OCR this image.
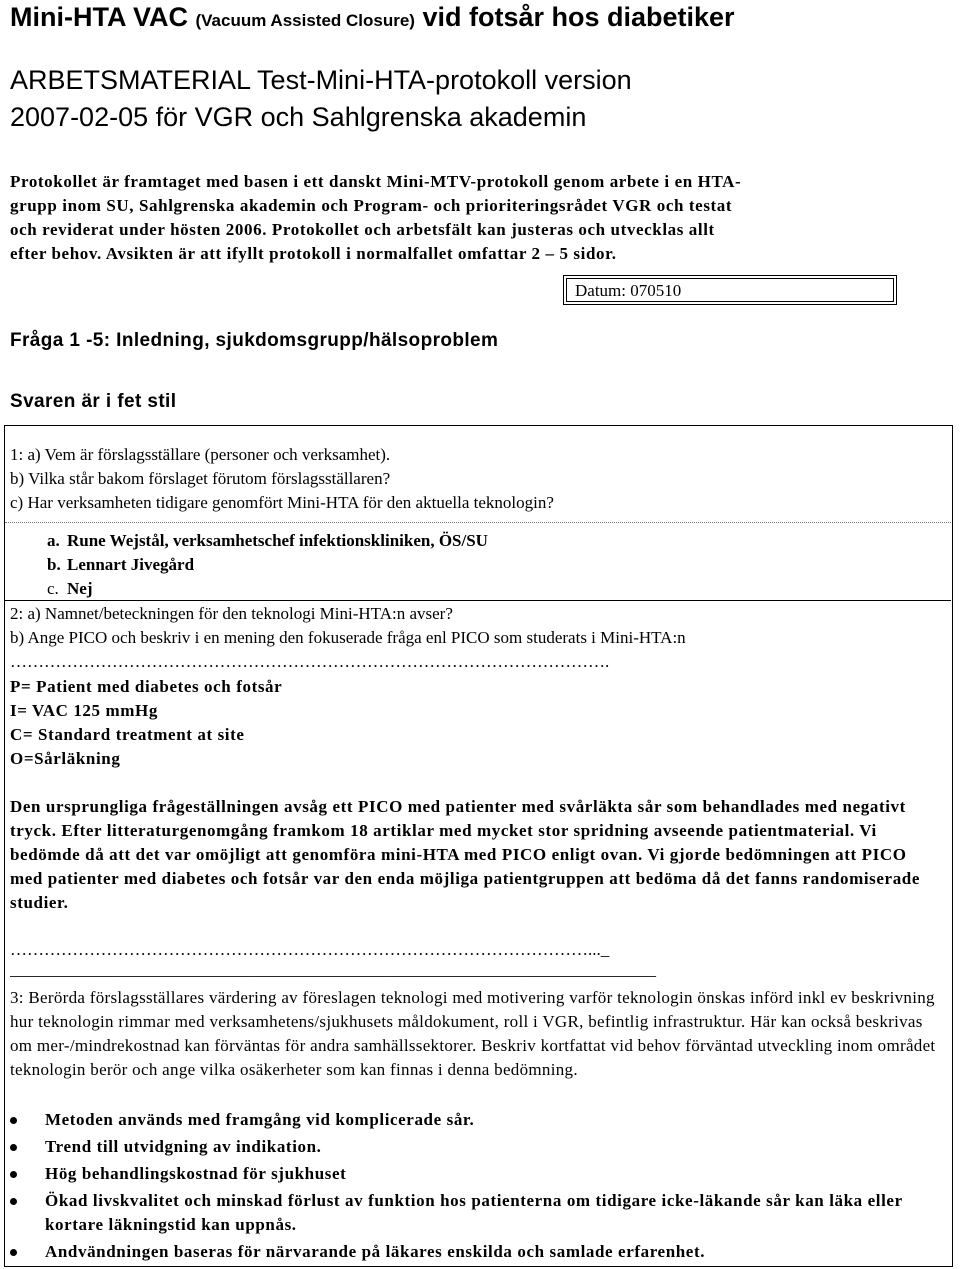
Mini-HTA VAC (Vacuum Assisted Closure) vid fotsår hos diabetiker
ARBETSMATERIAL Test-Mini-HTA-protokoll version
2007-02-05 för VGR och Sahlgrenska akademin
Protokollet är framtaget med basen i ett danskt Mini-MTV-protokoll genom arbete i en HTA-
grupp inom SU, Sahlgrenska akademin och Program- och prioriteringsrådet VGR och testat
och reviderat under hösten 2006. Protokollet och arbetsfält kan justeras och utvecklas allt
efter behov. Avsikten är att ifyllt protokoll i normalfallet omfattar 2 – 5 sidor.
Datum: 070510
Fråga 1 -5: Inledning, sjukdomsgrupp/hälsoproblem
Svaren är i fet stil
1: a) Vem är förslagsställare (personer och verksamhet).
b) Vilka står bakom förslaget förutom förslagsställaren?
c) Har verksamheten tidigare genomfört Mini-HTA för den aktuella teknologin?
a. Rune Wejstål, verksamhetschef infektionskliniken, ÖS/SU
b. Lennart Jivegård
c. Nej
2: a) Namnet/beteckningen för den teknologi Mini-HTA:n avser?
b) Ange PICO och beskriv i en mening den fokuserade fråga enl PICO som studerats i Mini-HTA:n
…………………………………………………………………………………………….
P= Patient med diabetes och fotsår
I= VAC 125 mmHg
C= Standard treatment at site
O=Sårläkning
Den ursprungliga frågeställningen avsåg ett PICO med patienter med svårläkta sår som behandlades med negativt tryck. Efter litteraturgenomgång framkom 18 artiklar med mycket stor spridning avseende patientmaterial. Vi bedömde då att det var omöjligt att genomföra mini-HTA med PICO enligt ovan. Vi gjorde bedömningen att PICO med patienter med diabetes och fotsår var den enda möjliga patientgruppen att bedöma då det fanns randomiserade studier.
…………………………………………………………………………………………..._
____________________________________________________________________________
3: Berörda förslagsställares värdering av föreslagen teknologi med motivering varför teknologin önskas införd inkl ev beskrivning hur teknologin rimmar med verksamhetens/sjukhusets måldokument, roll i VGR, befintlig infrastruktur. Här kan också beskrivas om mer-/mindrekostnad kan förväntas för andra samhällssektorer. Beskriv kortfattat vid behov förväntad utveckling inom området teknologin berör och ange vilka osäkerheter som kan finnas i denna bedömning.
Metoden används med framgång vid komplicerade sår.
Trend till utvidgning av indikation.
Hög behandlingskostnad för sjukhuset
Ökad livskvalitet och minskad förlust av funktion hos patienterna om tidigare icke-läkande sår kan läka eller kortare läkningstid kan uppnås.
Andvändningen baseras för närvarande på läkares enskilda och samlade erfarenhet.
